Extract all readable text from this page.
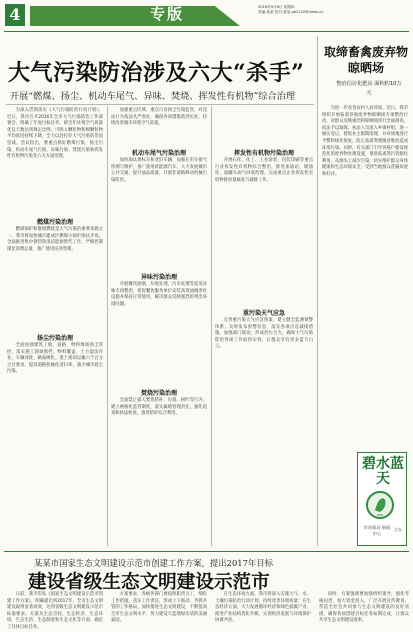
4	专版	2016年9月8日 星期四
责编:某某 校对:某某 gb2120@news.cn
大气污染防治涉及六大“杀手”
开展“燃煤、扬尘、机动车尾气、异味、焚烧、挥发性有机物”综合治理

为深入贯彻落实《大气污染防治行动计划》，近日，我市召开2016年全市大气污染防治工作部署会，明确了年度目标任务，即全年环境空气质量优良天数达到规定比例，可吸入颗粒物和细颗粒物平均浓度持续下降，全力以赴打好大气污染防治攻坚战。会议指出，要重点抓好燃煤污染、扬尘污染、机动车尾气污染、异味污染、焚烧污染和挥发性有机物污染等六大方面治理。

燃煤污染治理

燃煤锅炉和散煤燃烧是大气污染的重要来源之一。我市将加快城市建成区燃煤小锅炉淘汰步伐，全面推进集中供热和清洁能源替代工作，严格控制煤炭消费总量，推广使用洁净型煤。

扬尘污染治理

全面加强建筑工地、道路、物料堆场扬尘管控，落实施工现场围挡、物料覆盖、土方湿法作业、车辆冲洗、路面硬化、渣土密闭运输六个百分之百要求，提高道路机械化清扫率，减少城市扬尘污染。

加强重点区域、重点行业扬尘污染监管，对违法行为依法从严查处，确保各项措施落到实处，持续改善城市环境空气质量。

机动车尾气污染治理

加快淘汰黄标车和老旧车辆，加强在用车排气检测与维护，推广使用新能源汽车，大力发展城市公共交通，提升油品质量，开展非道路移动机械污染防治。

异味污染治理

开展餐饮油烟、垃圾处理、污水处理等恶臭异味专项整治，督促餐饮服务单位安装高效油烟净化设施并保持正常使用，解决群众反映强烈的突出环境问题。

焚烧污染治理

全面禁止露天焚烧秸秆、垃圾、树叶等行为，建立网格化监管制度，落实属地管理责任，强化巡查和执法检查，推进秸秆综合利用。

挥发性有机物污染治理

开展石化、化工、工业涂装、包装印刷等重点行业挥发性有机物综合整治，推进加油站、储油库、油罐车油气回收治理，完成重点企业挥发性有机物排放量核查与减排工作。

重污染天气应急

完善重污染天气应急预案，建立健全监测预警体系，及时发布预警信息，落实各项应急减排措施。加强部门联动，形成治污合力，确保大气污染防治各项工作取得实效，让群众享有更多蓝天白云。

取缔畜禽废弃物晾晒场
整治信访化肥站 面积约10万元

为进一步改善农村人居环境，近日，我市组织开展畜禽养殖废弃物晾晒场专项整治行动，对群众反映强烈的晾晒场进行全面排查，依法予以取缔。执法人员深入乡镇村组，逐一核实登记，督促业主限期清理，并对场地进行平整和绿化恢复，防止畜禽粪便随意堆放造成环境污染。同时，有关部门引导养殖户建设规范化的废弃物处理设施，推进畜禽粪污资源化利用，从源头上减少污染，切实维护群众身体健康和生态环境安全，受到当地群众普遍欢迎和好评。

碧水蓝天
ZHB
市环保局 新闻中心
主办
某某市国家生态文明建设示范市创建工作方案，提出2017年目标
建设省级生态文明建设示范市

日前，我市印发《国家生态文明建设示范市创建工作方案》，明确提出到2017年，全市生态文明建设取得显著成效，达到省级生态文明建设示范市标准要求。方案从生态空间、生态经济、生态环境、生态生活、生态制度和生态文化等方面，确定了具体目标任务。

方案要求，各级各部门要按照职责分工，细化工作措施，落实工作责任，形成上下联动、齐抓共管的工作格局，加快推进生态文明建设，不断提高全市生态文明水平，努力建设天蓝地绿水清的美丽家园。

在生态环境方面，我市将深入实施大气、水、土壤污染防治行动计划，持续改善环境质量；在生态经济方面，大力发展循环经济和绿色低碳产业，推进产业结构优化升级，实现经济发展与环境保护协调共进。

同时，方案强调要加强组织领导，强化考核问责，加大资金投入，广泛开展宣传教育，营造全社会共同参与生态文明建设的良好氛围，确保各项创建目标任务如期完成，让群众共享生态文明建设成果。
